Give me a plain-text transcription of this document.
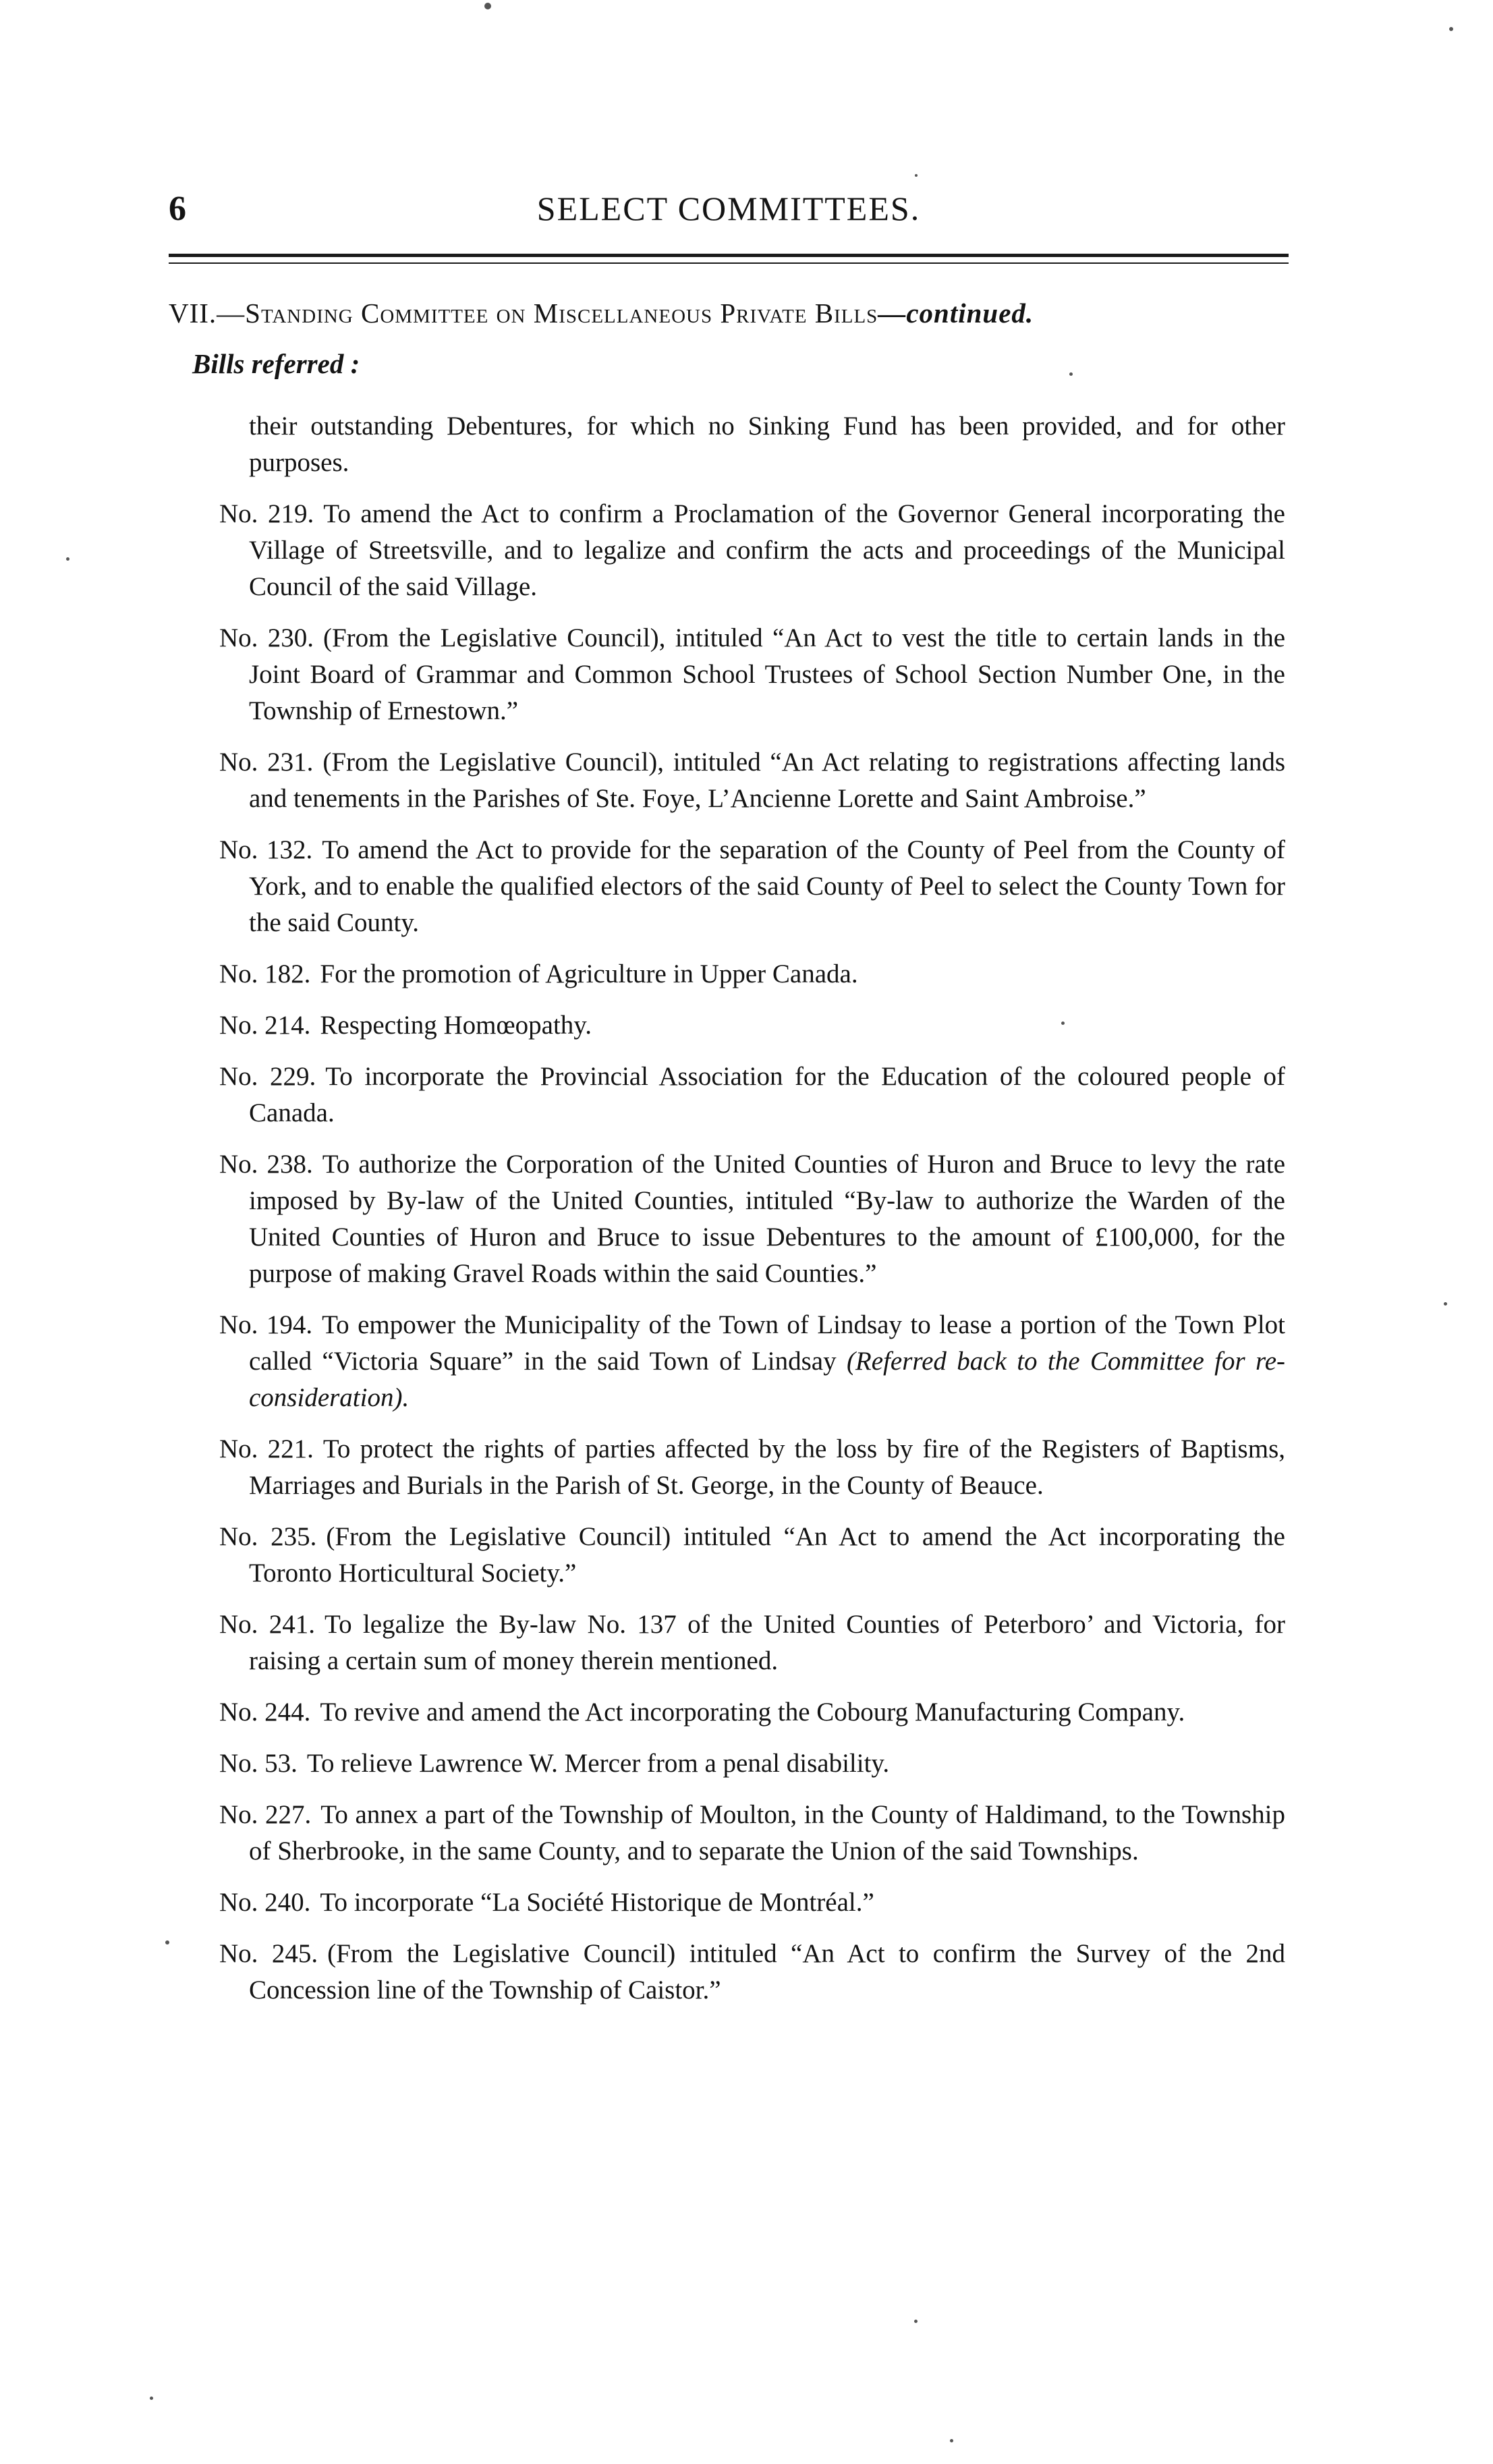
6	SELECT COMMITTEES.
VII.—Standing Committee on Miscellaneous Private Bills—continued.
Bills referred :

their outstanding Debentures, for which no Sinking Fund has been provided, and for other purposes.

No. 219. To amend the Act to confirm a Proclamation of the Governor General incorporating the Village of Streetsville, and to legalize and confirm the acts and proceedings of the Municipal Council of the said Village.

No. 230. (From the Legislative Council), intituled “An Act to vest the title to certain lands in the Joint Board of Grammar and Common School Trustees of School Section Number One, in the Township of Ernestown.”

No. 231. (From the Legislative Council), intituled “An Act relating to registrations affecting lands and tenements in the Parishes of Ste. Foye, L’Ancienne Lorette and Saint Ambroise.”

No. 132. To amend the Act to provide for the separation of the County of Peel from the County of York, and to enable the qualified electors of the said County of Peel to select the County Town for the said County.

No. 182. For the promotion of Agriculture in Upper Canada.

No. 214. Respecting Homœopathy.

No. 229. To incorporate the Provincial Association for the Education of the coloured people of Canada.

No. 238. To authorize the Corporation of the United Counties of Huron and Bruce to levy the rate imposed by By-law of the United Counties, intituled “By-law to authorize the Warden of the United Counties of Huron and Bruce to issue Debentures to the amount of £100,000, for the purpose of making Gravel Roads within the said Counties.”

No. 194. To empower the Municipality of the Town of Lindsay to lease a portion of the Town Plot called “Victoria Square” in the said Town of Lindsay (Referred back to the Committee for re-consideration).

No. 221. To protect the rights of parties affected by the loss by fire of the Registers of Baptisms, Marriages and Burials in the Parish of St. George, in the County of Beauce.

No. 235. (From the Legislative Council) intituled “An Act to amend the Act incorporating the Toronto Horticultural Society.”

No. 241. To legalize the By-law No. 137 of the United Counties of Peterboro’ and Victoria, for raising a certain sum of money therein mentioned.

No. 244. To revive and amend the Act incorporating the Cobourg Manufacturing Company.

No. 53. To relieve Lawrence W. Mercer from a penal disability.

No. 227. To annex a part of the Township of Moulton, in the County of Haldimand, to the Township of Sherbrooke, in the same County, and to separate the Union of the said Townships.

No. 240. To incorporate “La Société Historique de Montréal.”

No. 245. (From the Legislative Council) intituled “An Act to confirm the Survey of the 2nd Concession line of the Township of Caistor.”
